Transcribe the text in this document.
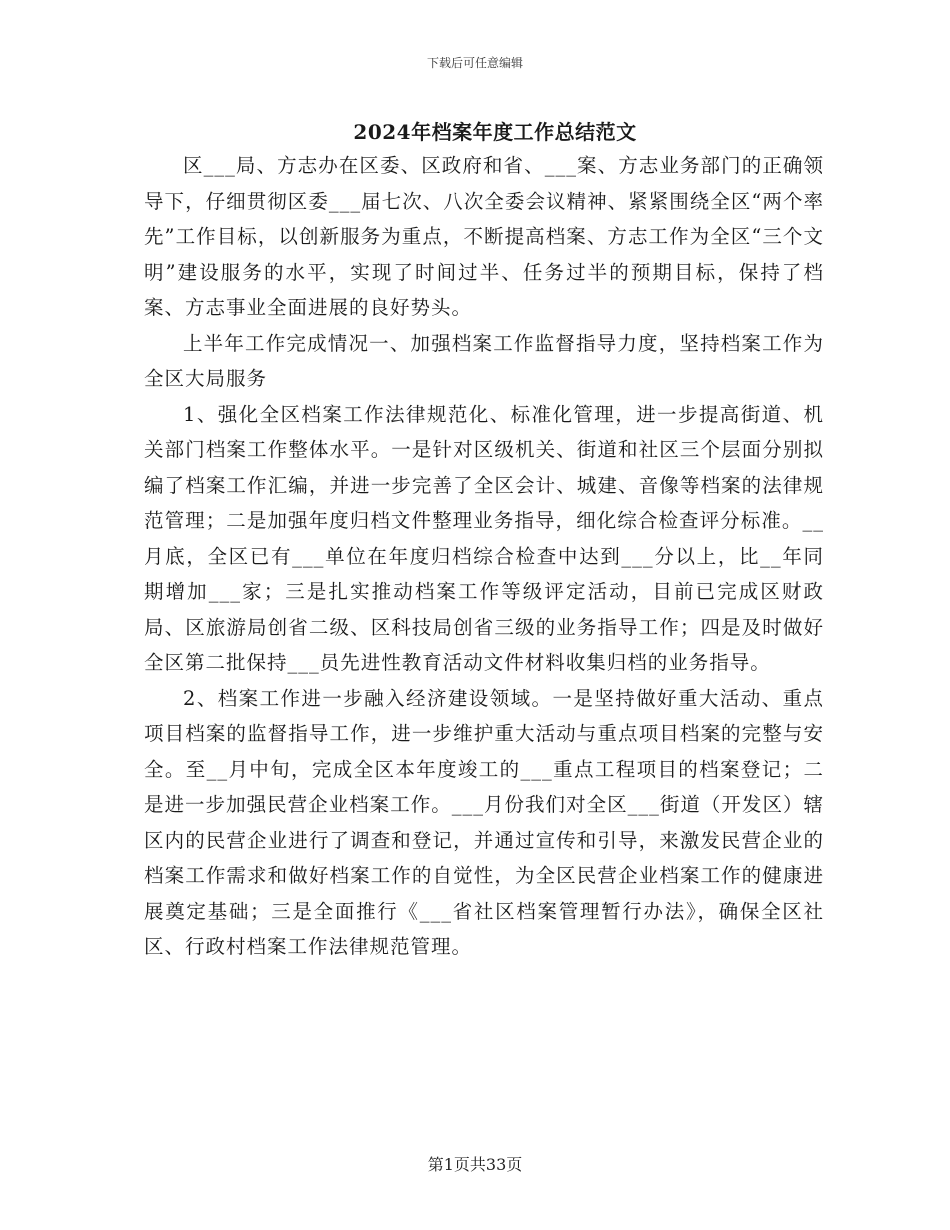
下载后可任意编辑
2024年档案年度工作总结范文

区___局、方志办在区委、区政府和省、___案、方志业务部门的正确领导下，仔细贯彻区委___届七次、八次全委会议精神、紧紧围绕全区“两个率先”工作目标，以创新服务为重点，不断提高档案、方志工作为全区“三个文明”建设服务的水平，实现了时间过半、任务过半的预期目标，保持了档案、方志事业全面进展的良好势头。

上半年工作完成情况一、加强档案工作监督指导力度，坚持档案工作为全区大局服务

1、强化全区档案工作法律规范化、标准化管理，进一步提高街道、机关部门档案工作整体水平。一是针对区级机关、街道和社区三个层面分别拟编了档案工作汇编，并进一步完善了全区会计、城建、音像等档案的法律规范管理；二是加强年度归档文件整理业务指导，细化综合检查评分标准。__月底，全区已有___单位在年度归档综合检查中达到___分以上，比__年同期增加___家；三是扎实推动档案工作等级评定活动，目前已完成区财政局、区旅游局创省二级、区科技局创省三级的业务指导工作；四是及时做好全区第二批保持___员先进性教育活动文件材料收集归档的业务指导。

2、档案工作进一步融入经济建设领域。一是坚持做好重大活动、重点项目档案的监督指导工作，进一步维护重大活动与重点项目档案的完整与安全。至__月中旬，完成全区本年度竣工的___重点工程项目的档案登记；二是进一步加强民营企业档案工作。___月份我们对全区___街道（开发区）辖区内的民营企业进行了调查和登记，并通过宣传和引导，来激发民营企业的档案工作需求和做好档案工作的自觉性，为全区民营企业档案工作的健康进展奠定基础；三是全面推行《___省社区档案管理暂行办法》，确保全区社区、行政村档案工作法律规范管理。

第1页共33页
